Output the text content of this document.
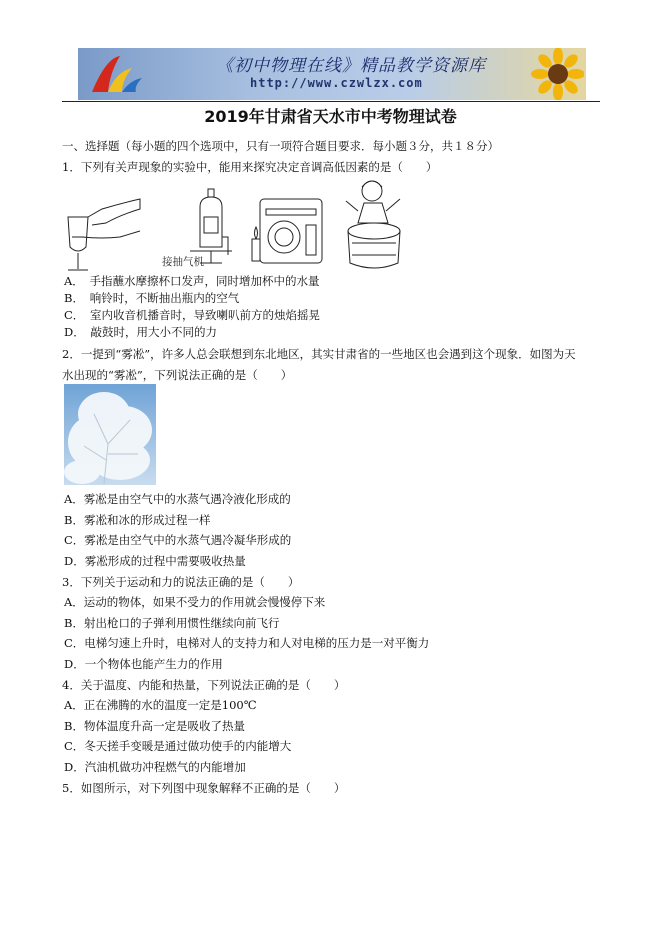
《初中物理在线》精品教学资源库
http://www.czwlzx.com
2019年甘肃省天水市中考物理试卷
一、选择题（每小题的四个选项中，只有一项符合题目要求．每小题３分，共１８分）
1．下列有关声现象的实验中，能用来探究决定音调高低因素的是（　　）
接抽气机
A．　手指蘸水摩擦杯口发声，同时增加杯中的水量
B．　响铃时，不断抽出瓶内的空气
C．　室内收音机播音时，导致喇叭前方的烛焰摇晃
D．　敲鼓时，用大小不同的力
2．一提到“雾凇”，许多人总会联想到东北地区，其实甘肃省的一些地区也会遇到这个现象．如图为天
水出现的“雾凇”，下列说法正确的是（　　）
A．雾凇是由空气中的水蒸气遇冷液化形成的
B．雾凇和冰的形成过程一样
C．雾凇是由空气中的水蒸气遇冷凝华形成的
D．雾凇形成的过程中需要吸收热量
3．下列关于运动和力的说法正确的是（　　）
A．运动的物体，如果不受力的作用就会慢慢停下来
B．射出枪口的子弹利用惯性继续向前飞行
C．电梯匀速上升时，电梯对人的支持力和人对电梯的压力是一对平衡力
D．一个物体也能产生力的作用
4．关于温度、内能和热量，下列说法正确的是（　　）
A．正在沸腾的水的温度一定是100℃
B．物体温度升高一定是吸收了热量
C．冬天搓手变暖是通过做功使手的内能增大
D．汽油机做功冲程燃气的内能增加
5．如图所示，对下列图中现象解释不正确的是（　　）
